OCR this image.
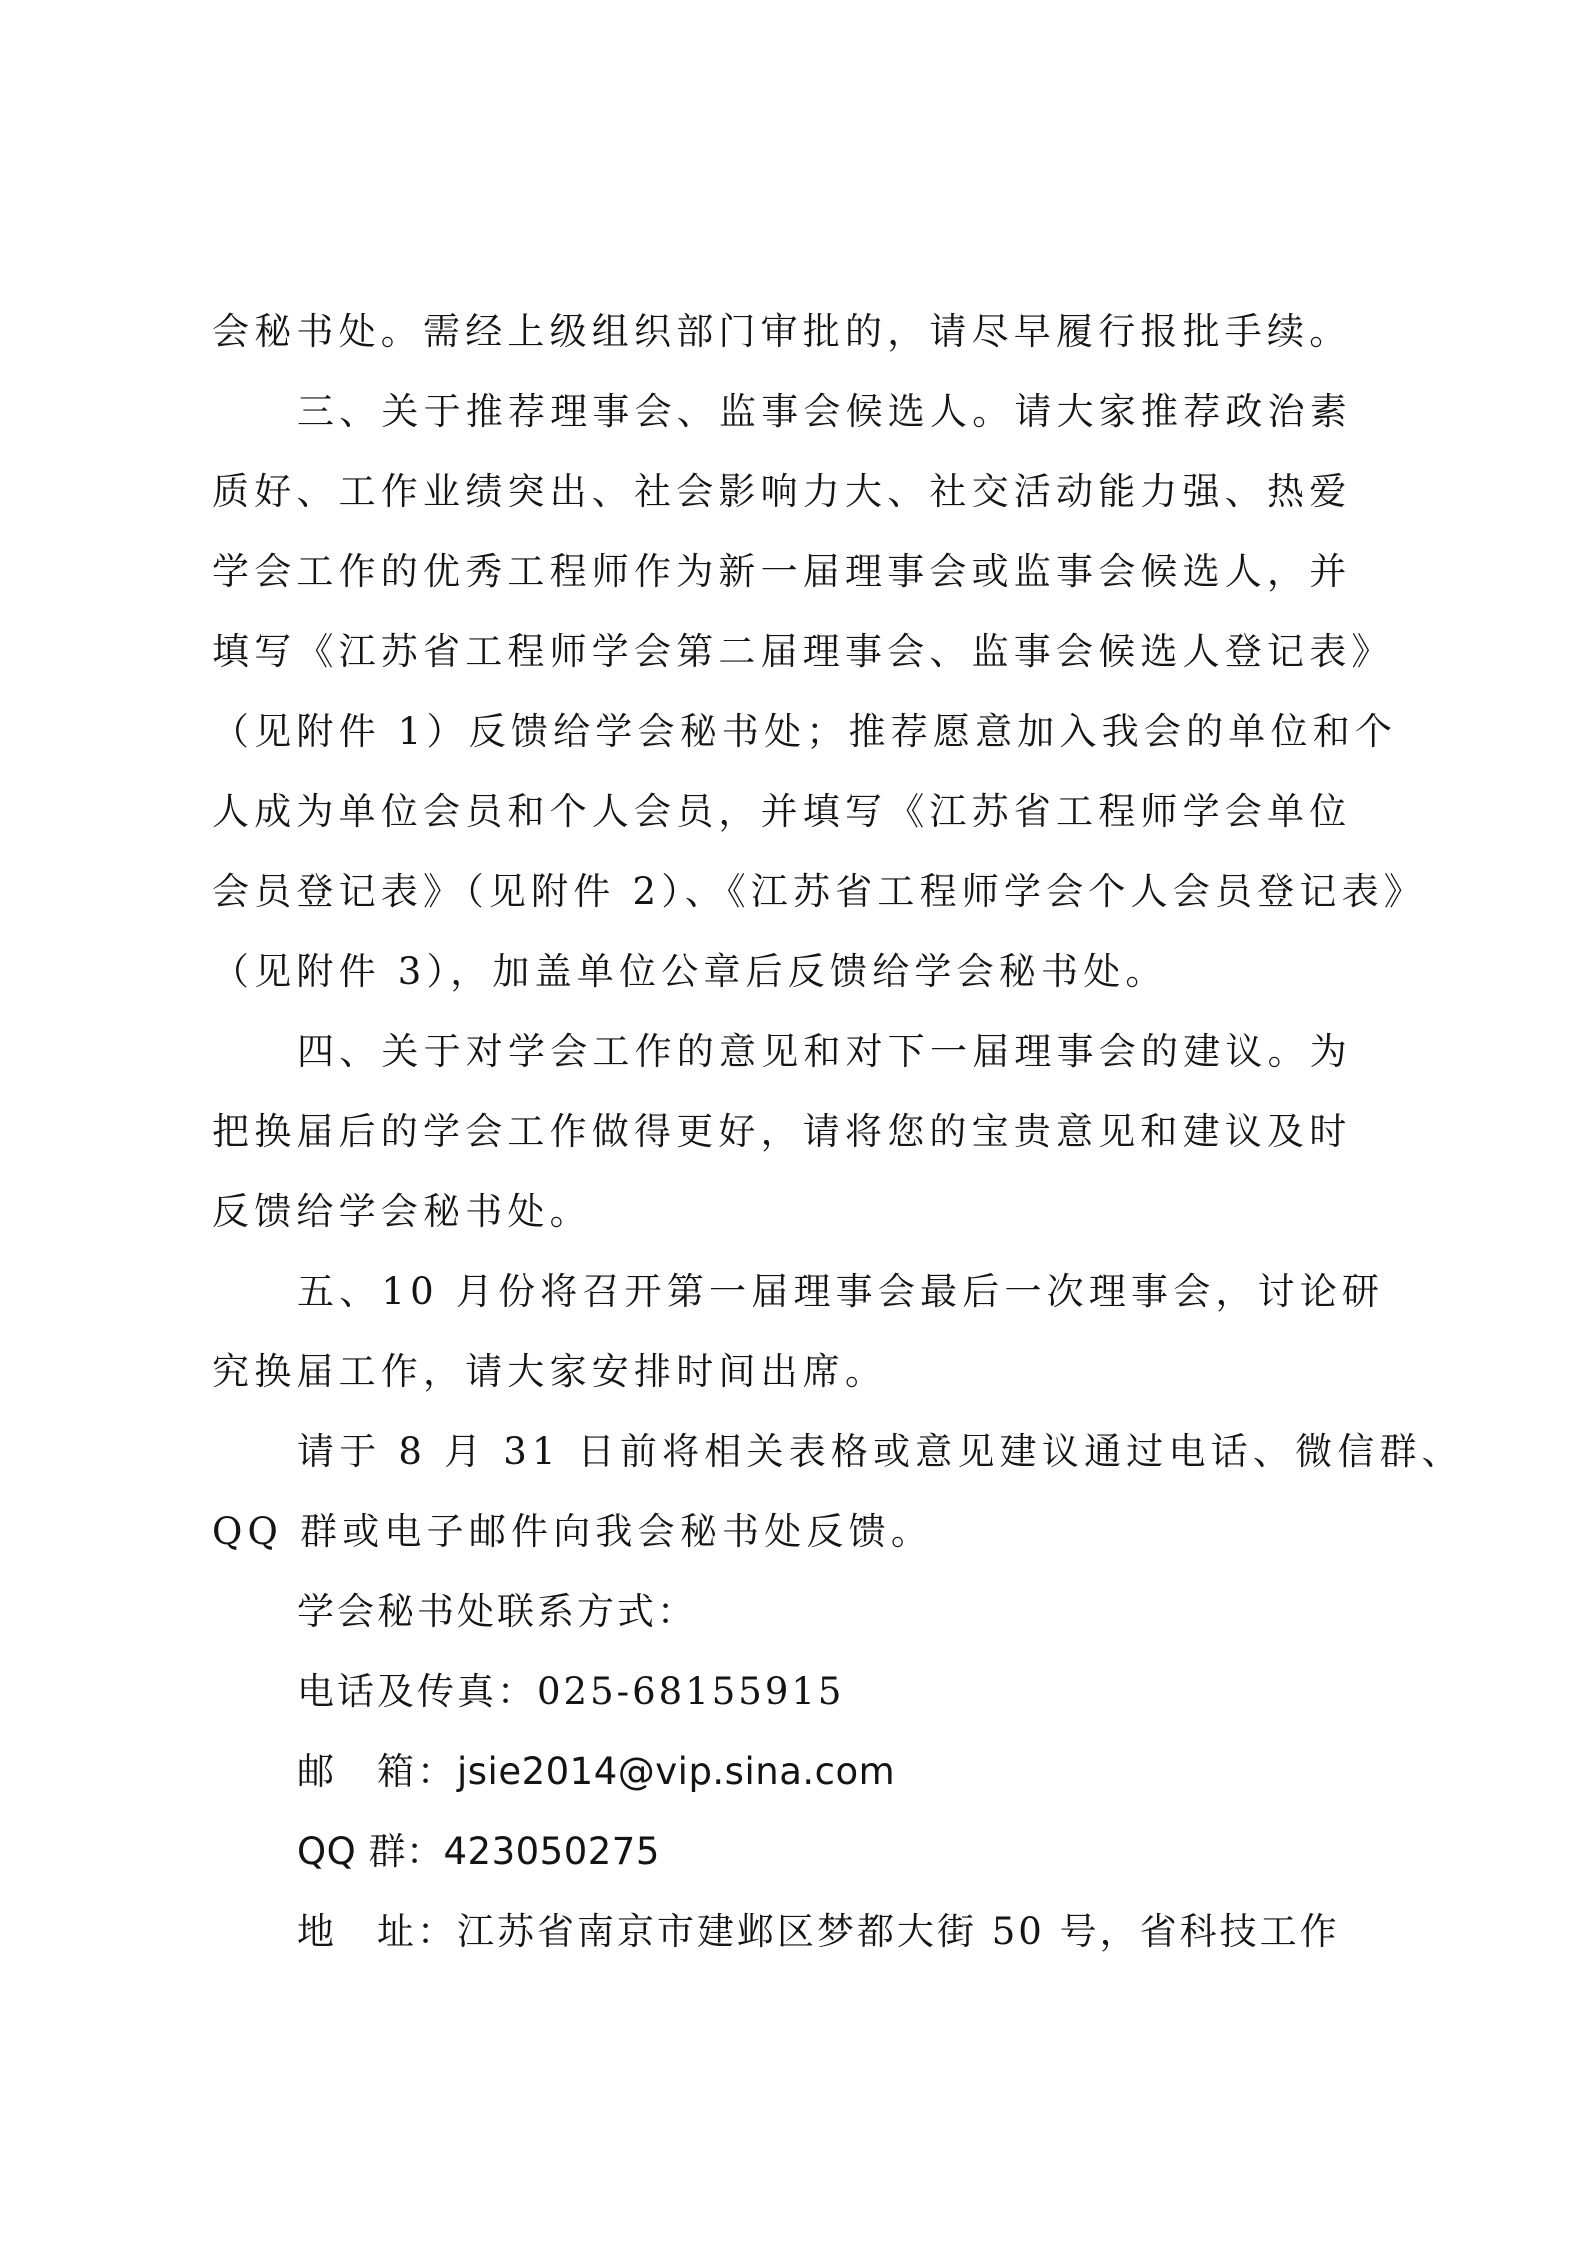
会秘书处。需经上级组织部门审批的，请尽早履行报批手续。
三、关于推荐理事会、监事会候选人。请大家推荐政治素
质好、工作业绩突出、社会影响力大、社交活动能力强、热爱
学会工作的优秀工程师作为新一届理事会或监事会候选人，并
填写《江苏省工程师学会第二届理事会、监事会候选人登记表》
（见附件 1）反馈给学会秘书处；推荐愿意加入我会的单位和个
人成为单位会员和个人会员，并填写《江苏省工程师学会单位
会员登记表》（见附件 2）、《江苏省工程师学会个人会员登记表》
（见附件 3），加盖单位公章后反馈给学会秘书处。
四、关于对学会工作的意见和对下一届理事会的建议。为
把换届后的学会工作做得更好，请将您的宝贵意见和建议及时
反馈给学会秘书处。
五、10 月份将召开第一届理事会最后一次理事会，讨论研
究换届工作，请大家安排时间出席。
请于 8 月 31 日前将相关表格或意见建议通过电话、微信群、
QQ 群或电子邮件向我会秘书处反馈。
学会秘书处联系方式：
电话及传真：025-68155915
邮　箱：jsie2014@vip.sina.com
QQ 群：423050275
地　址：江苏省南京市建邺区梦都大街 50 号，省科技工作
